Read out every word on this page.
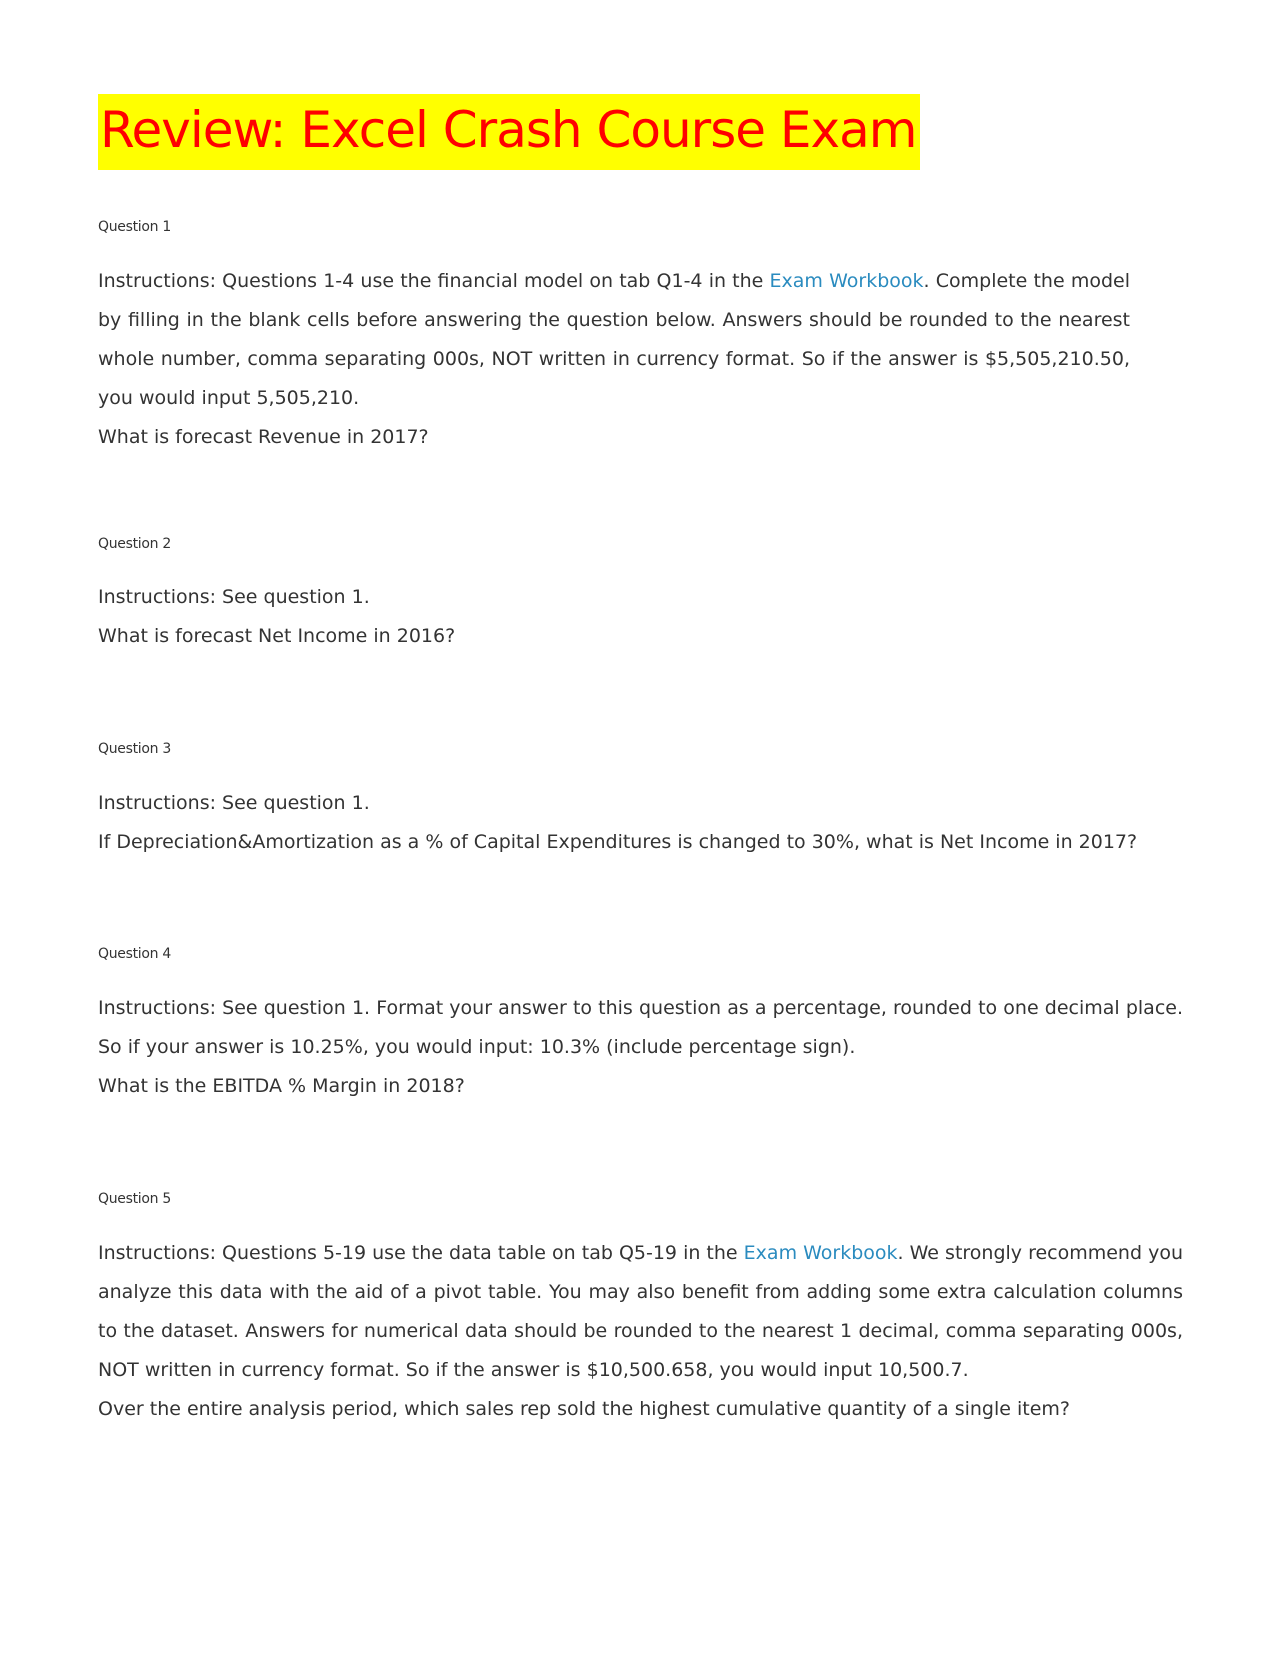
Review: Excel Crash Course Exam
Question 1

Instructions: Questions 1-4 use the financial model on tab Q1-4 in the Exam Workbook. Complete the model by filling in the blank cells before answering the question below. Answers should be rounded to the nearest whole number, comma separating 000s, NOT written in currency format. So if the answer is $5,505,210.50, you would input 5,505,210.

What is forecast Revenue in 2017?

Question 2

Instructions: See question 1.

What is forecast Net Income in 2016?

Question 3

Instructions: See question 1.

If Depreciation&Amortization as a % of Capital Expenditures is changed to 30%, what is Net Income in 2017?

Question 4

Instructions: See question 1. Format your answer to this question as a percentage, rounded to one decimal place. So if your answer is 10.25%, you would input: 10.3% (include percentage sign).

What is the EBITDA % Margin in 2018?

Question 5

Instructions: Questions 5-19 use the data table on tab Q5-19 in the Exam Workbook. We strongly recommend you analyze this data with the aid of a pivot table. You may also benefit from adding some extra calculation columns to the dataset. Answers for numerical data should be rounded to the nearest 1 decimal, comma separating 000s, NOT written in currency format. So if the answer is $10,500.658, you would input 10,500.7.

Over the entire analysis period, which sales rep sold the highest cumulative quantity of a single item?
